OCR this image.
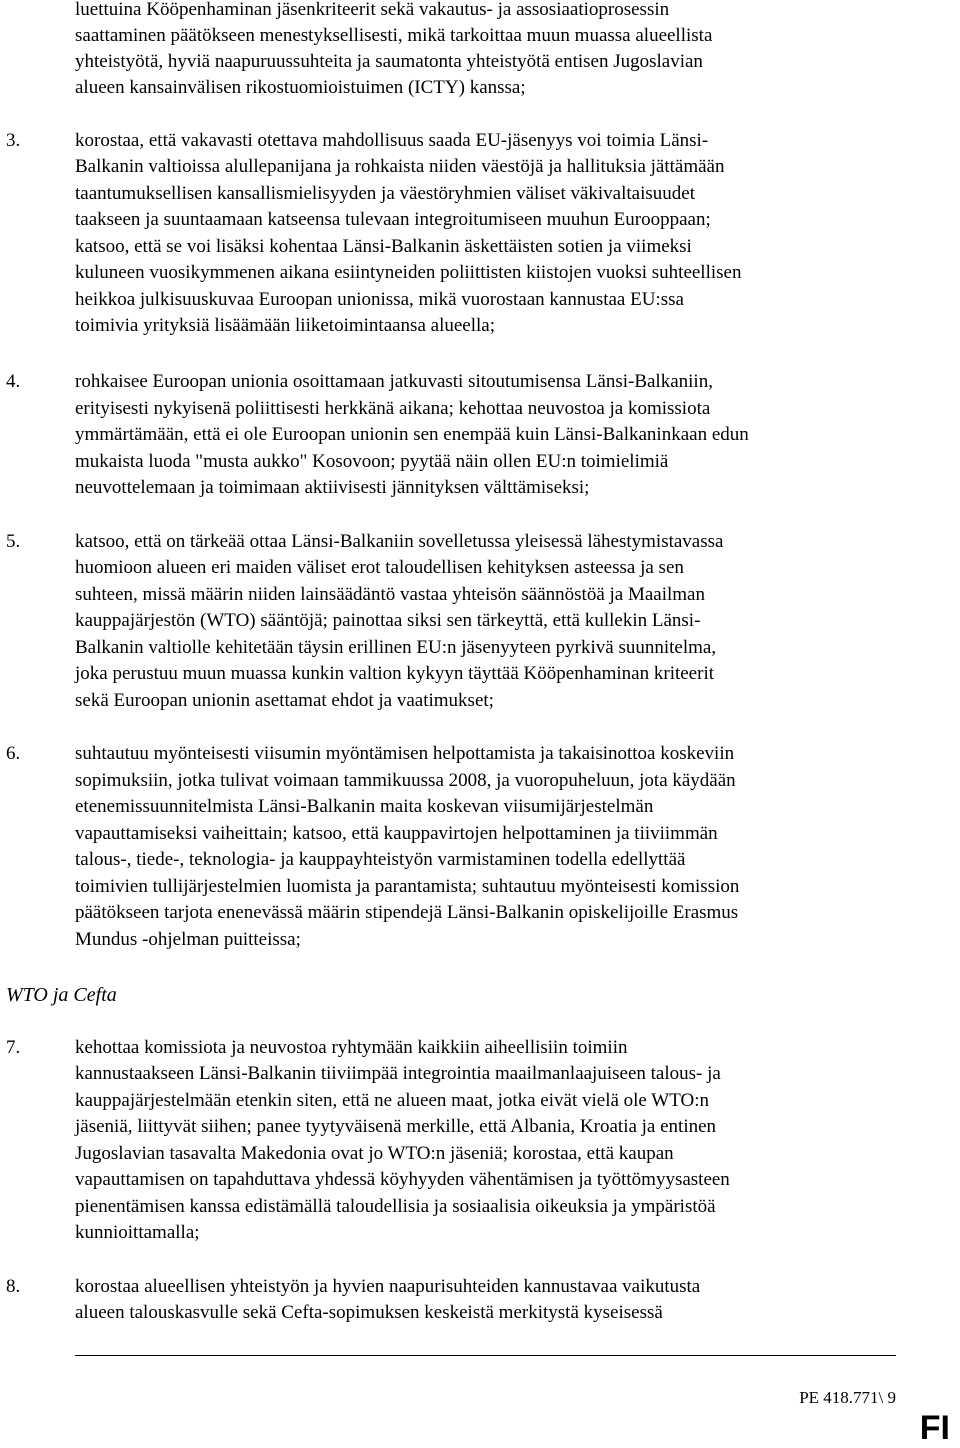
luettuina Kööpenhaminan jäsenkriteerit sekä vakautus- ja assosiaatioprosessin
saattaminen päätökseen menestyksellisesti, mikä tarkoittaa muun muassa alueellista
yhteistyötä, hyviä naapuruussuhteita ja saumatonta yhteistyötä entisen Jugoslavian
alueen kansainvälisen rikostuomioistuimen (ICTY) kanssa;
3.	korostaa, että vakavasti otettava mahdollisuus saada EU-jäsenyys voi toimia Länsi-
Balkanin valtioissa alullepanijana ja rohkaista niiden väestöjä ja hallituksia jättämään
taantumuksellisen kansallismielisyyden ja väestöryhmien väliset väkivaltaisuudet
taakseen ja suuntaamaan katseensa tulevaan integroitumiseen muuhun Eurooppaan;
katsoo, että se voi lisäksi kohentaa Länsi-Balkanin äskettäisten sotien ja viimeksi
kuluneen vuosikymmenen aikana esiintyneiden poliittisten kiistojen vuoksi suhteellisen
heikkoa julkisuuskuvaa Euroopan unionissa, mikä vuorostaan kannustaa EU:ssa
toimivia yrityksiä lisäämään liiketoimintaansa alueella;
4.	rohkaisee Euroopan unionia osoittamaan jatkuvasti sitoutumisensa Länsi-Balkaniin,
erityisesti nykyisenä poliittisesti herkkänä aikana; kehottaa neuvostoa ja komissiota
ymmärtämään, että ei ole Euroopan unionin sen enempää kuin Länsi-Balkaninkaan edun
mukaista luoda "musta aukko" Kosovoon; pyytää näin ollen EU:n toimielimiä
neuvottelemaan ja toimimaan aktiivisesti jännityksen välttämiseksi;
5.	katsoo, että on tärkeää ottaa Länsi-Balkaniin sovelletussa yleisessä lähestymistavassa
huomioon alueen eri maiden väliset erot taloudellisen kehityksen asteessa ja sen
suhteen, missä määrin niiden lainsäädäntö vastaa yhteisön säännöstöä ja Maailman
kauppajärjestön (WTO) sääntöjä; painottaa siksi sen tärkeyttä, että kullekin Länsi-
Balkanin valtiolle kehitetään täysin erillinen EU:n jäsenyyteen pyrkivä suunnitelma,
joka perustuu muun muassa kunkin valtion kykyyn täyttää Kööpenhaminan kriteerit
sekä Euroopan unionin asettamat ehdot ja vaatimukset;
6.	suhtautuu myönteisesti viisumin myöntämisen helpottamista ja takaisinottoa koskeviin
sopimuksiin, jotka tulivat voimaan tammikuussa 2008, ja vuoropuheluun, jota käydään
etenemissuunnitelmista Länsi-Balkanin maita koskevan viisumijärjestelmän
vapauttamiseksi vaiheittain; katsoo, että kauppavirtojen helpottaminen ja tiiviimmän
talous-, tiede-, teknologia- ja kauppayhteistyön varmistaminen todella edellyttää
toimivien tullijärjestelmien luomista ja parantamista; suhtautuu myönteisesti komission
päätökseen tarjota enenevässä määrin stipendejä Länsi-Balkanin opiskelijoille Erasmus
Mundus -ohjelman puitteissa;
WTO ja Cefta
7.	kehottaa komissiota ja neuvostoa ryhtymään kaikkiin aiheellisiin toimiin
kannustaakseen Länsi-Balkanin tiiviimpää integrointia maailmanlaajuiseen talous- ja
kauppajärjestelmään etenkin siten, että ne alueen maat, jotka eivät vielä ole WTO:n
jäseniä, liittyvät siihen; panee tyytyväisenä merkille, että Albania, Kroatia ja entinen
Jugoslavian tasavalta Makedonia ovat jo WTO:n jäseniä; korostaa, että kaupan
vapauttamisen on tapahduttava yhdessä köyhyyden vähentämisen ja työttömyysasteen
pienentämisen kanssa edistämällä taloudellisia ja sosiaalisia oikeuksia ja ympäristöä
kunnioittamalla;
8.	korostaa alueellisen yhteistyön ja hyvien naapurisuhteiden kannustavaa vaikutusta
alueen talouskasvulle sekä Cefta-sopimuksen keskeistä merkitystä kyseisessä
PE 418.771\ 9
FI
